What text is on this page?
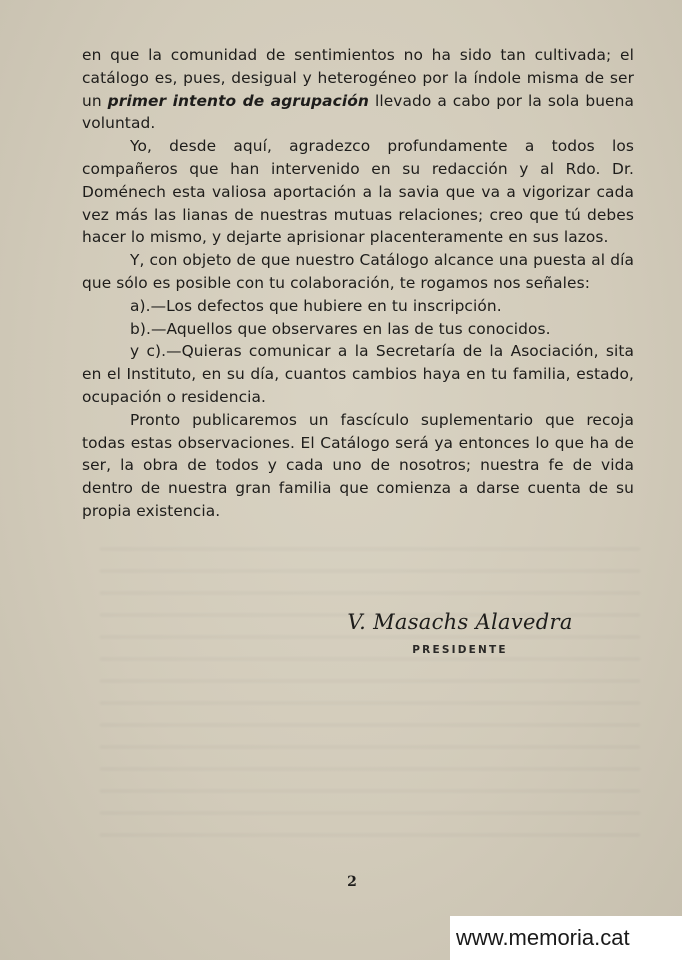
en que la comunidad de sentimientos no ha sido tan cultivada; el catálogo es, pues, desigual y heterogéneo por la índole misma de ser un primer intento de agrupación llevado a cabo por la sola buena voluntad.

Yo, desde aquí, agradezco profundamente a todos los compañeros que han intervenido en su redacción y al Rdo. Dr. Doménech esta valiosa aportación a la savia que va a vigorizar cada vez más las lianas de nuestras mutuas relaciones; creo que tú debes hacer lo mismo, y dejarte aprisionar placenteramente en sus lazos.

Y, con objeto de que nuestro Catálogo alcance una puesta al día que sólo es posible con tu colaboración, te rogamos nos señales:

a).—Los defectos que hubiere en tu inscripción.

b).—Aquellos que observares en las de tus conocidos.

y c).—Quieras comunicar a la Secretaría de la Asociación, sita en el Instituto, en su día, cuantos cambios haya en tu familia, estado, ocupación o residencia.

Pronto publicaremos un fascículo suplementario que recoja todas estas observaciones. El Catálogo será ya entonces lo que ha de ser, la obra de todos y cada uno de nosotros; nuestra fe de vida dentro de nuestra gran familia que comienza a darse cuenta de su propia existencia.

V. Masachs Alavedra
PRESIDENTE
2
www.memoria.cat
